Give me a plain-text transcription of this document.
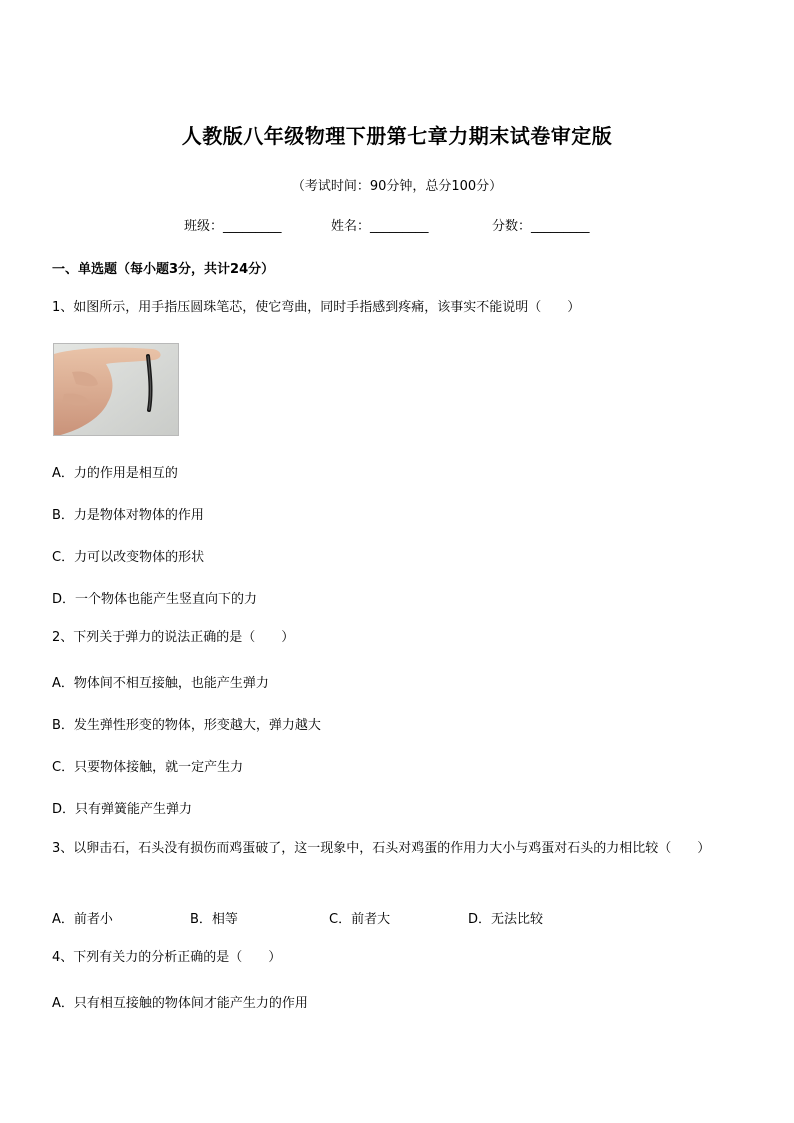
人教版八年级物理下册第七章力期末试卷审定版
（考试时间：90分钟，总分100分）
班级：_________	姓名：_________	分数：_________
一、单选题（每小题3分，共计24分）
1、如图所示，用手指压圆珠笔芯，使它弯曲，同时手指感到疼痛，该事实不能说明（　　）
A．力的作用是相互的
B．力是物体对物体的作用
C．力可以改变物体的形状
D．一个物体也能产生竖直向下的力
2、下列关于弹力的说法正确的是（　　）
A．物体间不相互接触，也能产生弹力
B．发生弹性形变的物体，形变越大，弹力越大
C．只要物体接触，就一定产生力
D．只有弹簧能产生弹力
3、以卵击石，石头没有损伤而鸡蛋破了，这一现象中，石头对鸡蛋的作用力大小与鸡蛋对石头的力相比较（　　）
A．前者小	B．相等	C．前者大	D．无法比较
4、下列有关力的分析正确的是（　　）
A．只有相互接触的物体间才能产生力的作用
